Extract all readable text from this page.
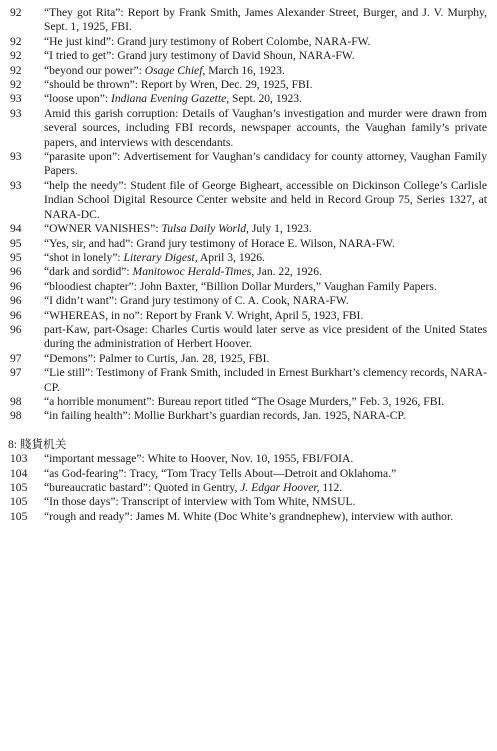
92	“They got Rita”: Report by Frank Smith, James Alexander Street, Burger, and J. V. Murphy, Sept. 1, 1925, FBI.
92	“He just kind”: Grand jury testimony of Robert Colombe, NARA-FW.
92	“I tried to get”: Grand jury testimony of David Shoun, NARA-FW.
92	“beyond our power”: Osage Chief, March 16, 1923.
92	“should be thrown”: Report by Wren, Dec. 29, 1925, FBI.
93	“loose upon”: Indiana Evening Gazette, Sept. 20, 1923.
93	Amid this garish corruption: Details of Vaughan’s investigation and murder were drawn from several sources, including FBI records, newspaper accounts, the Vaughan family’s private papers, and interviews with descendants.
93	“parasite upon”: Advertisement for Vaughan’s candidacy for county attorney, Vaughan Family Papers.
93	“help the needy”: Student file of George Bigheart, accessible on Dickinson College’s Carlisle Indian School Digital Resource Center website and held in Record Group 75, Series 1327, at NARA-DC.
94	“OWNER VANISHES”: Tulsa Daily World, July 1, 1923.
95	“Yes, sir, and had”: Grand jury testimony of Horace E. Wilson, NARA-FW.
95	“shot in lonely”: Literary Digest, April 3, 1926.
96	“dark and sordid”: Manitowoc Herald-Times, Jan. 22, 1926.
96	“bloodiest chapter”: John Baxter, “Billion Dollar Murders,” Vaughan Family Papers.
96	“I didn’t want”: Grand jury testimony of C. A. Cook, NARA-FW.
96	“WHEREAS, in no”: Report by Frank V. Wright, April 5, 1923, FBI.
96	part-Kaw, part-Osage: Charles Curtis would later serve as vice president of the United States during the administration of Herbert Hoover.
97	“Demons”: Palmer to Curtis, Jan. 28, 1925, FBI.
97	“Lie still”: Testimony of Frank Smith, included in Ernest Burkhart’s clemency records, NARA-CP.
98	“a horrible monument”: Bureau report titled “The Osage Murders,” Feb. 3, 1926, FBI.
98	“in failing health”: Mollie Burkhart’s guardian records, Jan. 1925, NARA-CP.
8: 賤貨机关
103	“important message”: White to Hoover, Nov. 10, 1955, FBI/FOIA.
104	“as God-fearing”: Tracy, “Tom Tracy Tells About—Detroit and Oklahoma.”
105	“bureaucratic bastard”: Quoted in Gentry, J. Edgar Hoover, 112.
105	“In those days”: Transcript of interview with Tom White, NMSUL.
105	“rough and ready”: James M. White (Doc White’s grandnephew), interview with author.
